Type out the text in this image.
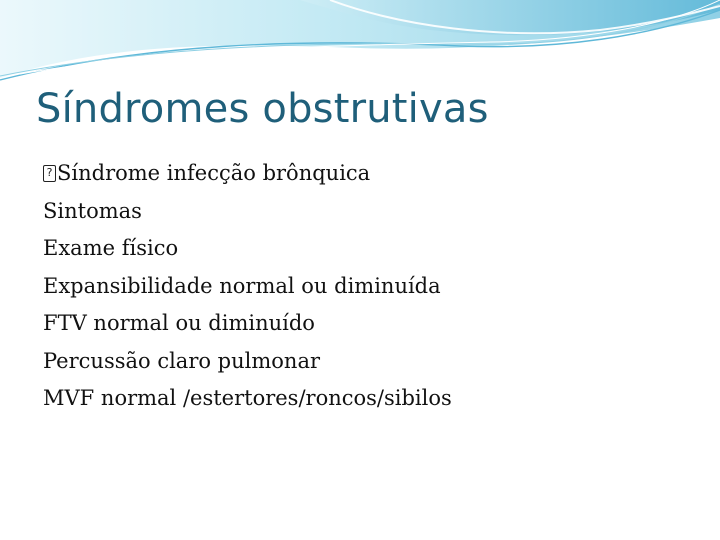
Síndromes obstrutivas
?Síndrome infecção brônquica
Sintomas
Exame físico
Expansibilidade normal ou diminuída
FTV normal ou diminuído
Percussão claro pulmonar
MVF normal /estertores/roncos/sibilos
